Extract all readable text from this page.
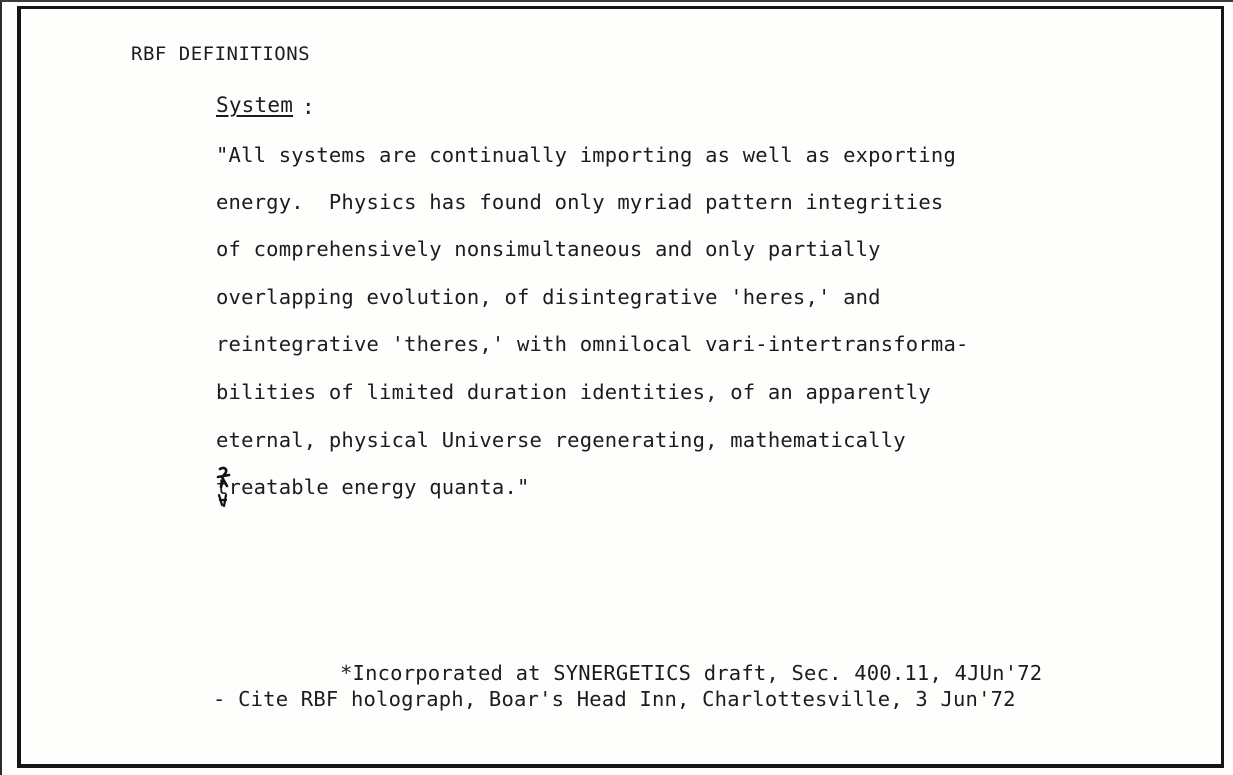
RBF DEFINITIONS
System :
"All systems are continually importing as well as exporting
energy.  Physics has found only myriad pattern integrities
of comprehensively nonsimultaneous and only partially
overlapping evolution, of disintegrative 'heres,' and
reintegrative 'theres,' with omnilocal vari-intertransforma-
bilities of limited duration identities, of an apparently
eternal, physical Universe regenerating, mathematically
treatable energy quanta."
*Incorporated at SYNERGETICS draft, Sec. 400.11, 4JUn'72
- Cite RBF holograph, Boar's Head Inn, Charlottesville, 3 Jun'72
